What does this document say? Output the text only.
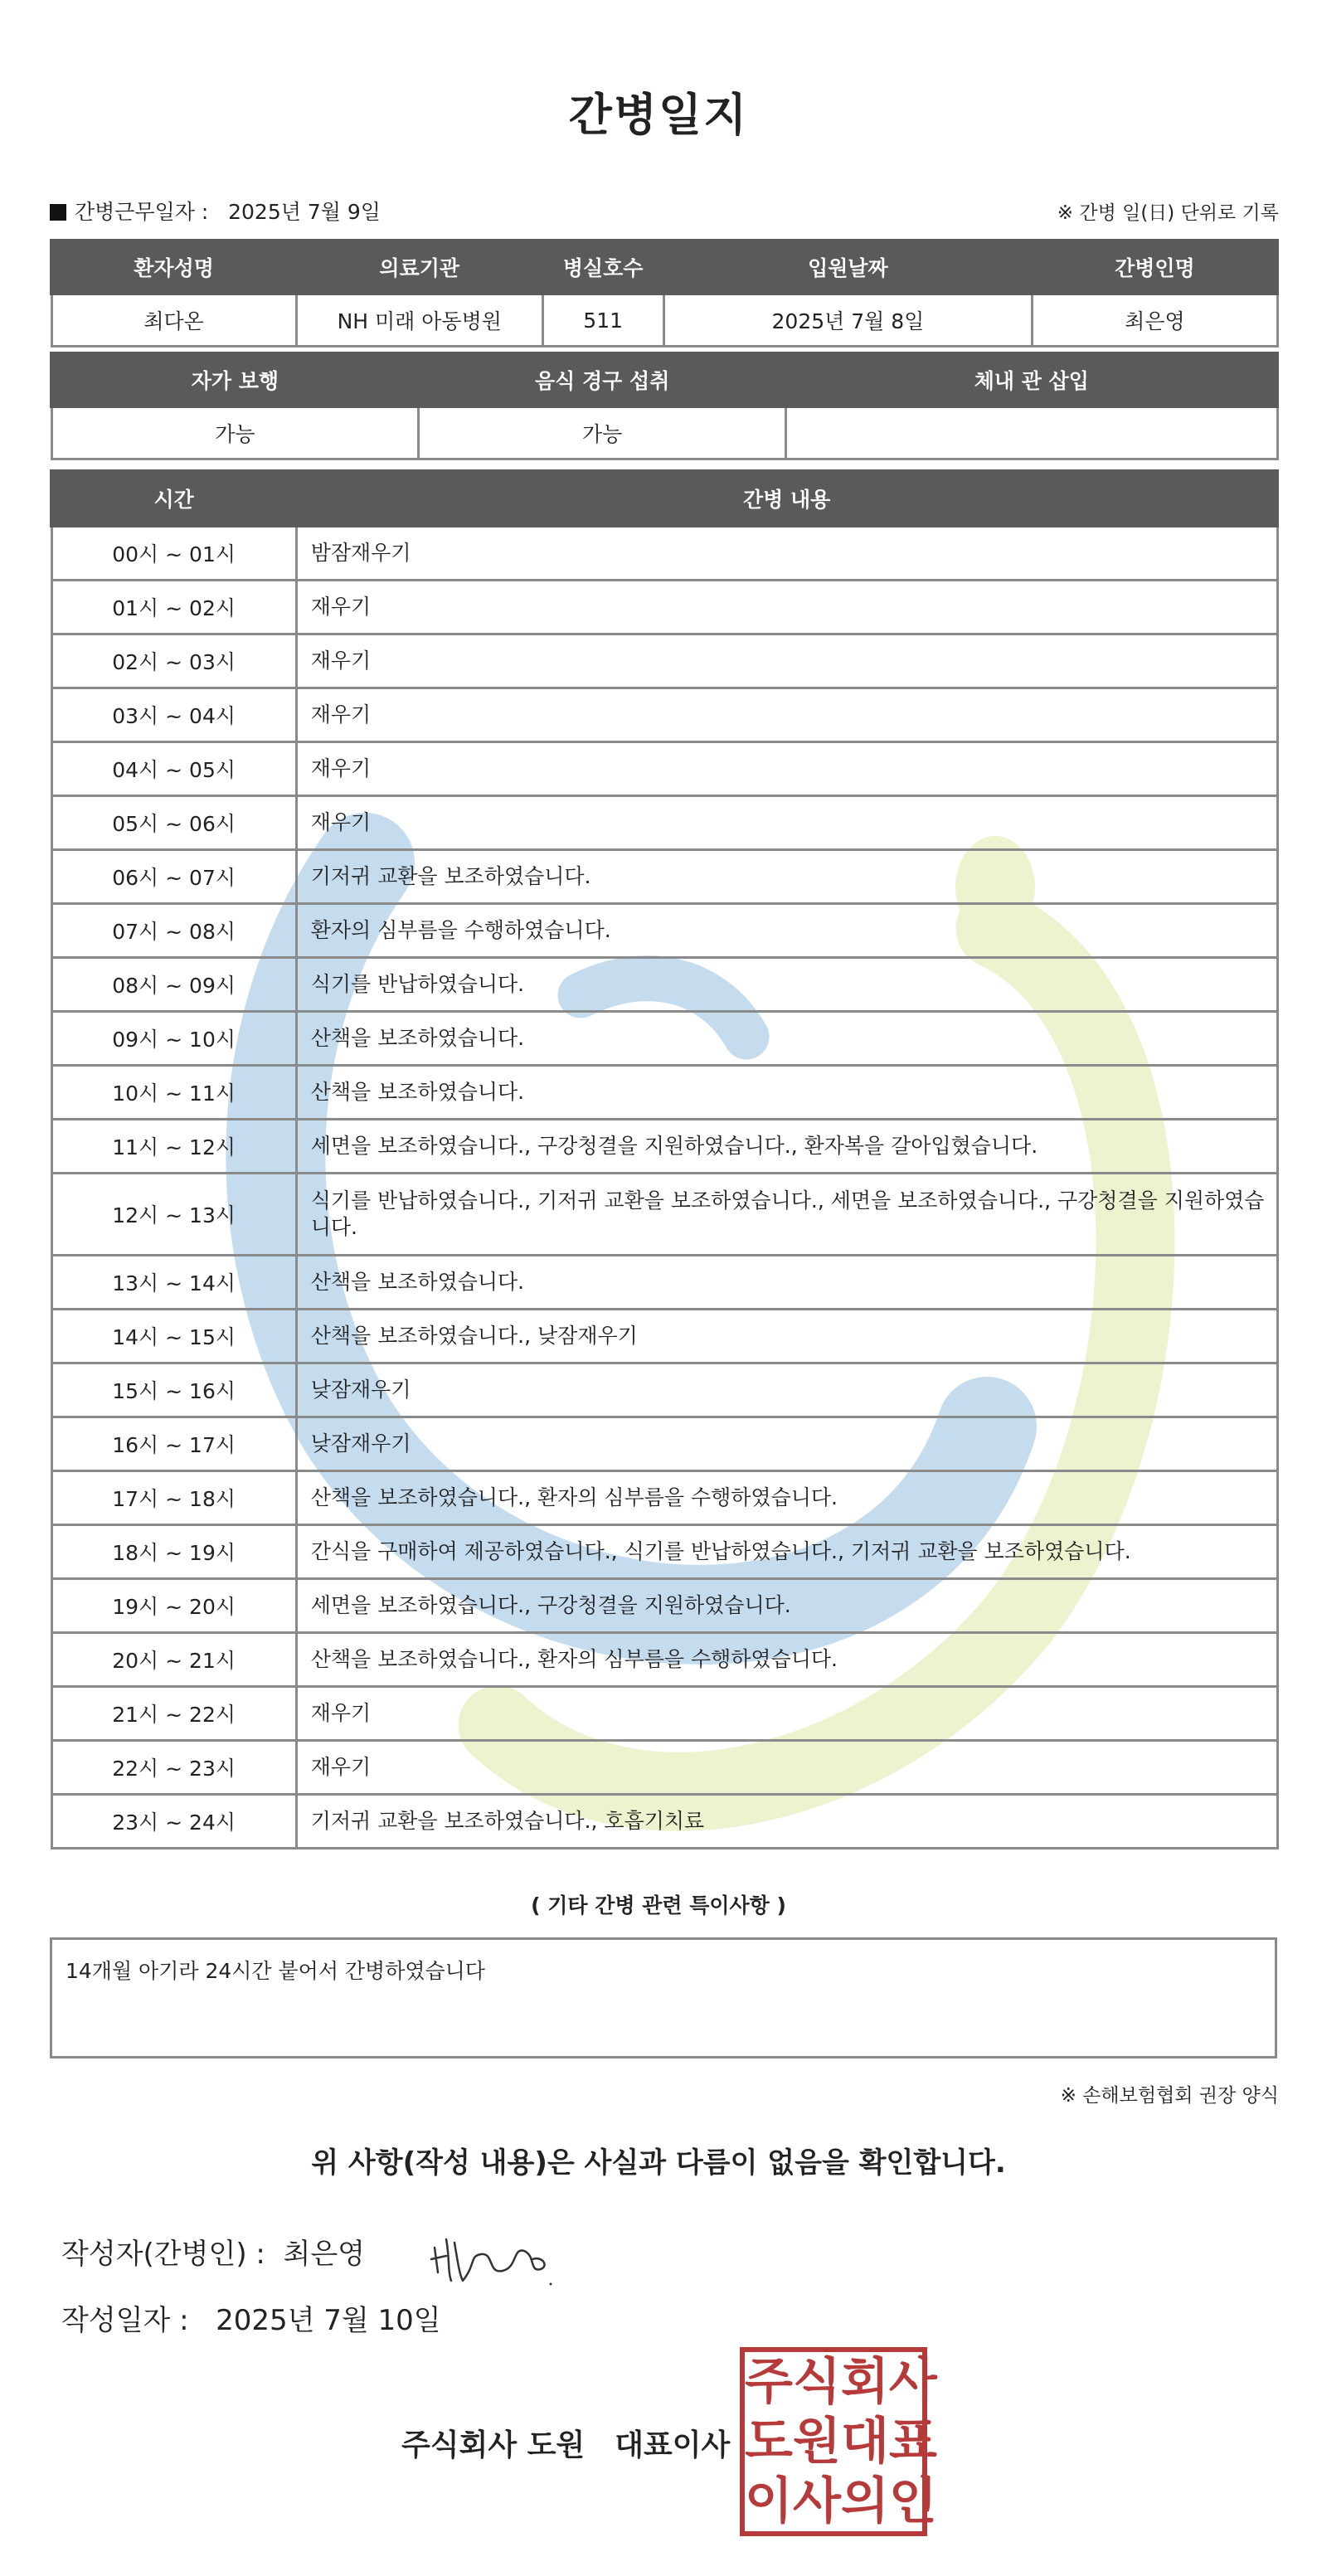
간병일지
간병근무일자 : 2025년 7월 9일	※ 간병 일(日) 단위로 기록
환자성명	의료기관	병실호수	입원날짜	간병인명
최다온	NH 미래 아동병원	511	2025년 7월 8일	최은영
자가 보행	음식 경구 섭취	체내 관 삽입
가능	가능	
시간	간병 내용
00시 ~ 01시	밤잠재우기
01시 ~ 02시	재우기
02시 ~ 03시	재우기
03시 ~ 04시	재우기
04시 ~ 05시	재우기
05시 ~ 06시	재우기
06시 ~ 07시	기저귀 교환을 보조하였습니다.
07시 ~ 08시	환자의 심부름을 수행하였습니다.
08시 ~ 09시	식기를 반납하였습니다.
09시 ~ 10시	산책을 보조하였습니다.
10시 ~ 11시	산책을 보조하였습니다.
11시 ~ 12시	세면을 보조하였습니다., 구강청결을 지원하였습니다., 환자복을 갈아입혔습니다.
12시 ~ 13시	식기를 반납하였습니다., 기저귀 교환을 보조하였습니다., 세면을 보조하였습니다., 구강청결을 지원하였습니다.
13시 ~ 14시	산책을 보조하였습니다.
14시 ~ 15시	산책을 보조하였습니다., 낮잠재우기
15시 ~ 16시	낮잠재우기
16시 ~ 17시	낮잠재우기
17시 ~ 18시	산책을 보조하였습니다., 환자의 심부름을 수행하였습니다.
18시 ~ 19시	간식을 구매하여 제공하였습니다., 식기를 반납하였습니다., 기저귀 교환을 보조하였습니다.
19시 ~ 20시	세면을 보조하였습니다., 구강청결을 지원하였습니다.
20시 ~ 21시	산책을 보조하였습니다., 환자의 심부름을 수행하였습니다.
21시 ~ 22시	재우기
22시 ~ 23시	재우기
23시 ~ 24시	기저귀 교환을 보조하였습니다., 호흡기치료
( 기타 간병 관련 특이사항 )
14개월 아기라 24시간 붙어서 간병하였습니다
※ 손해보험협회 권장 양식
위 사항(작성 내용)은 사실과 다름이 없음을 확인합니다.
작성자(간병인) : 최은영
작성일자 : 2025년 7월 10일
주식회사 도원　대표이사
주 식 회 사
도 원 대 표
이 사 의 인
